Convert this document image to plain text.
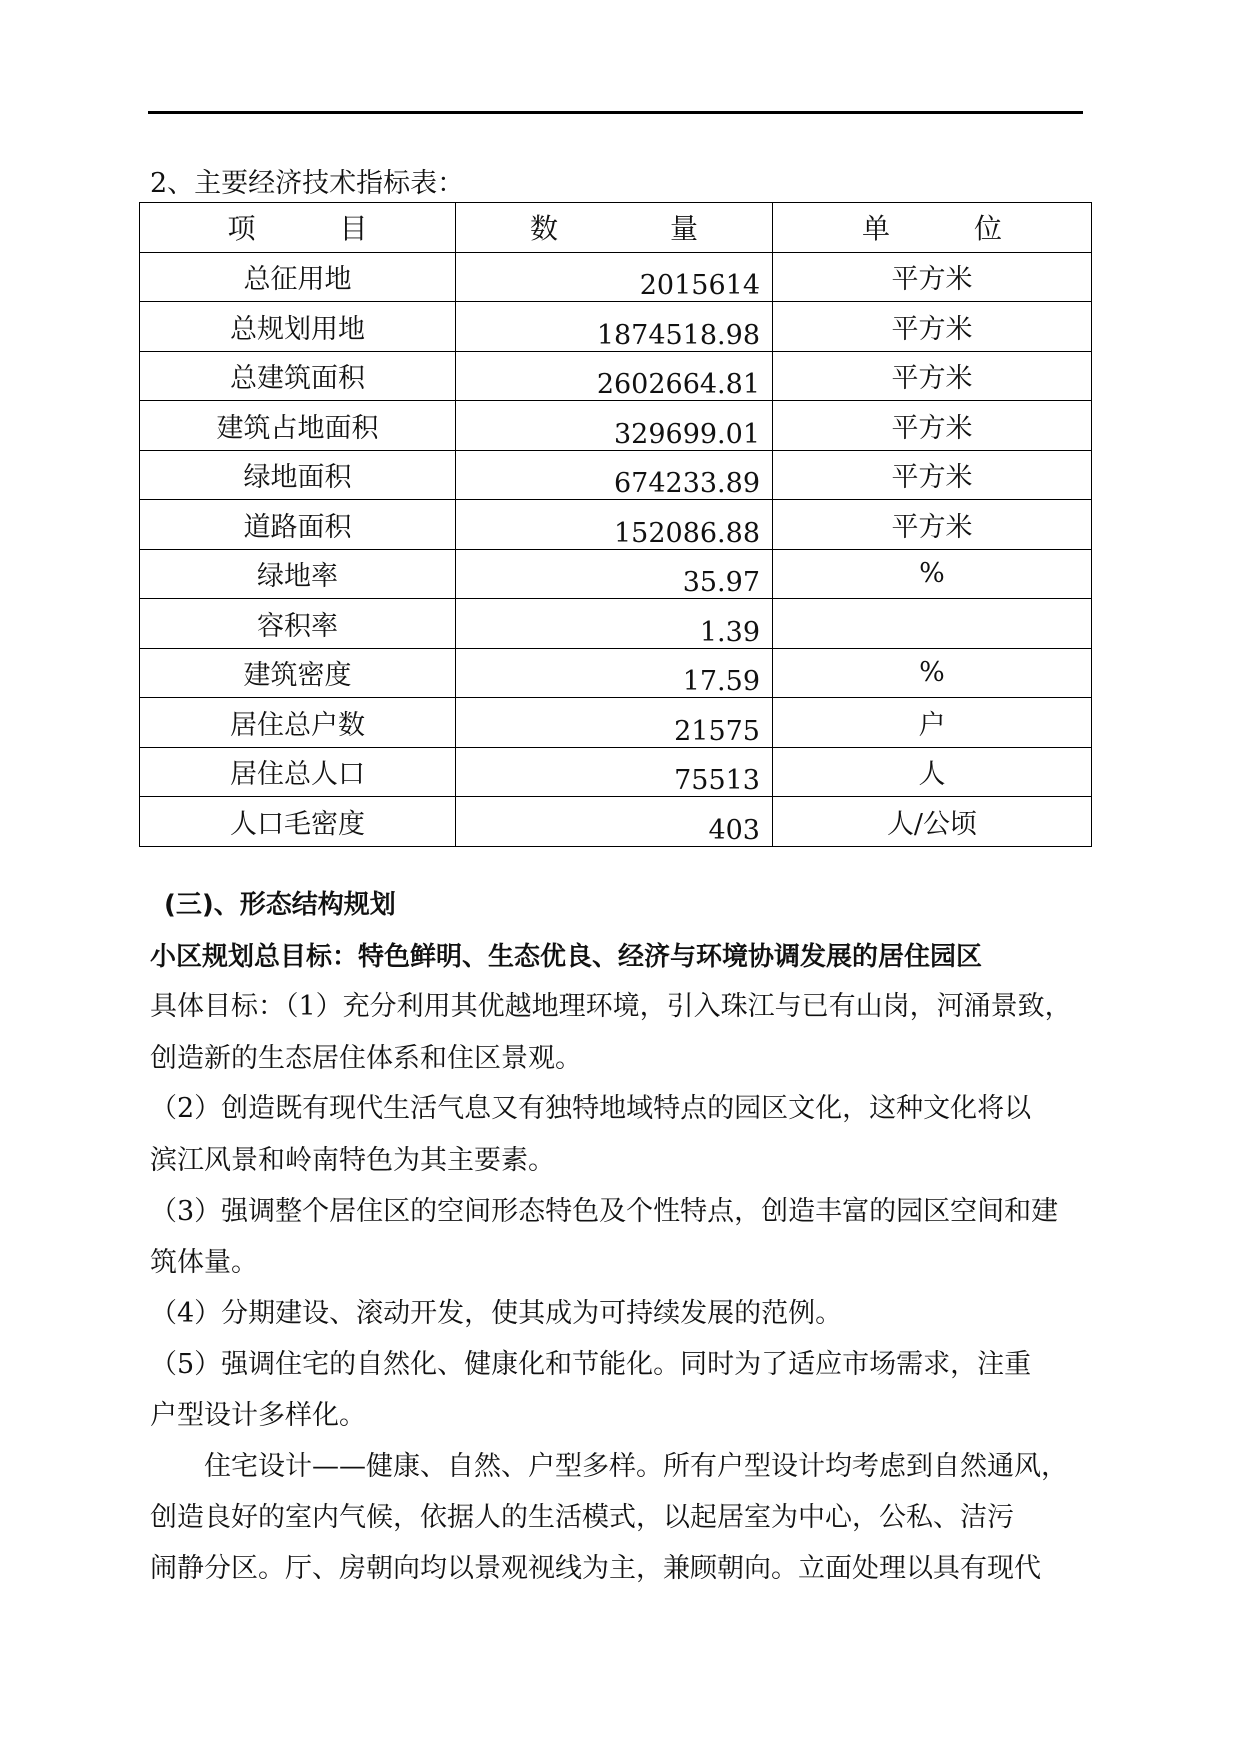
2、主要经济技术指标表：
项　　　目	数　　　　量	单　　　位
总征用地	2015614	平方米
总规划用地	1874518.98	平方米
总建筑面积	2602664.81	平方米
建筑占地面积	329699.01	平方米
绿地面积	674233.89	平方米
道路面积	152086.88	平方米
绿地率	35.97	%
容积率	1.39	
建筑密度	17.59	%
居住总户数	21575	户
居住总人口	75513	人
人口毛密度	403	人/公顷
(三)、形态结构规划
小区规划总目标：特色鲜明、生态优良、经济与环境协调发展的居住园区
具体目标：（1）充分利用其优越地理环境，引入珠江与已有山岗，河涌景致，
创造新的生态居住体系和住区景观。
（2）创造既有现代生活气息又有独特地域特点的园区文化，这种文化将以
滨江风景和岭南特色为其主要素。
（3）强调整个居住区的空间形态特色及个性特点，创造丰富的园区空间和建
筑体量。
（4）分期建设、滚动开发，使其成为可持续发展的范例。
（5）强调住宅的自然化、健康化和节能化。同时为了适应市场需求，注重
户型设计多样化。
　　住宅设计——健康、自然、户型多样。所有户型设计均考虑到自然通风，
创造良好的室内气候，依据人的生活模式，以起居室为中心，公私、洁污
闹静分区。厅、房朝向均以景观视线为主，兼顾朝向。立面处理以具有现代
